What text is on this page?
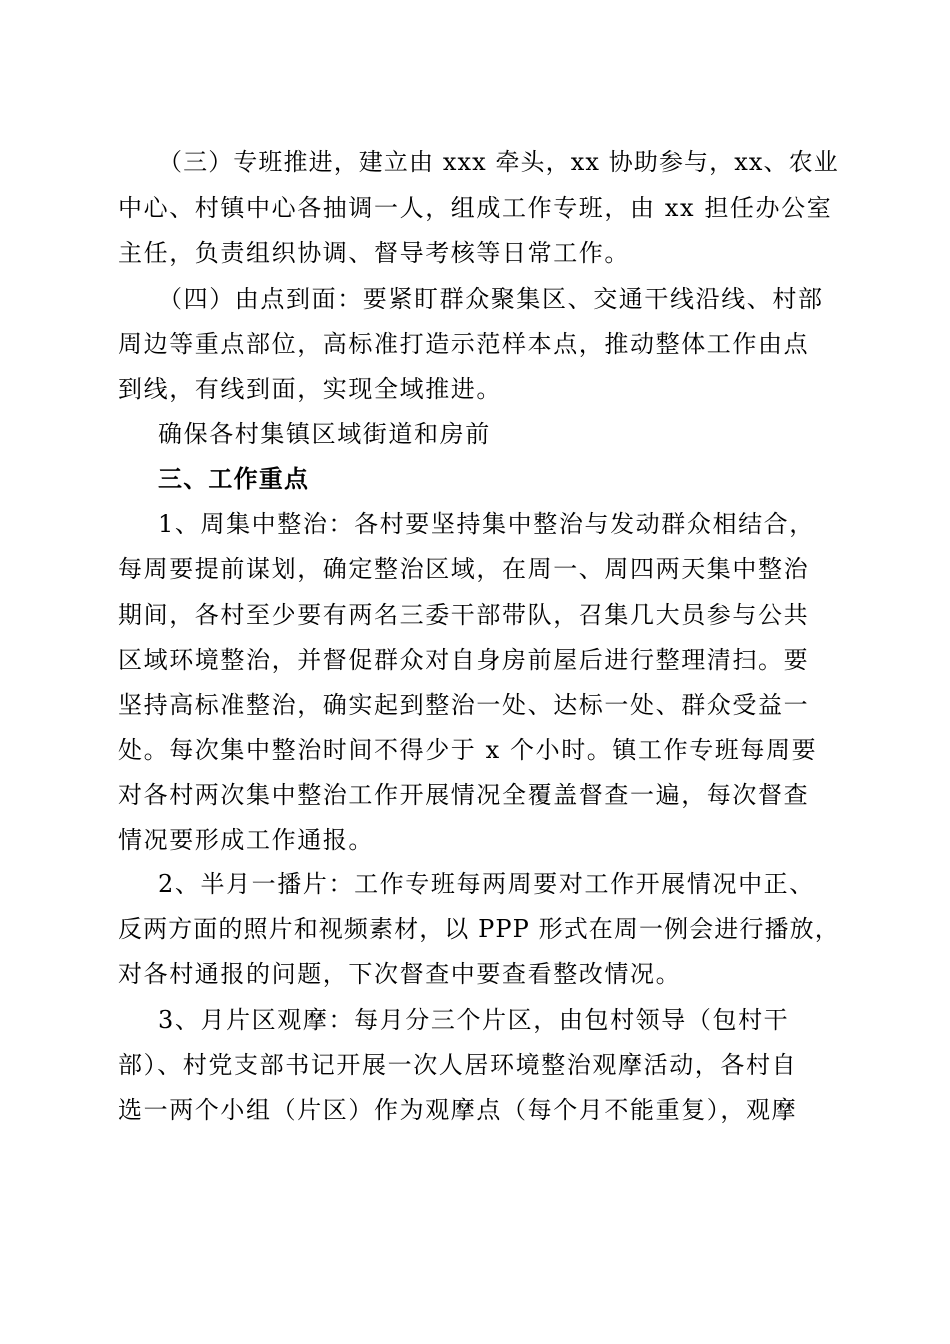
（三）专班推进，建立由 xxx 牵头，xx 协助参与，xx、农业
中心、村镇中心各抽调一人，组成工作专班，由 xx 担任办公室
主任，负责组织协调、督导考核等日常工作。
（四）由点到面：要紧盯群众聚集区、交通干线沿线、村部
周边等重点部位，高标准打造示范样本点，推动整体工作由点
到线，有线到面，实现全域推进。
确保各村集镇区域街道和房前
三、工作重点
1、周集中整治：各村要坚持集中整治与发动群众相结合，
每周要提前谋划，确定整治区域，在周一、周四两天集中整治
期间，各村至少要有两名三委干部带队，召集几大员参与公共
区域环境整治，并督促群众对自身房前屋后进行整理清扫。要
坚持高标准整治，确实起到整治一处、达标一处、群众受益一
处。每次集中整治时间不得少于 x 个小时。镇工作专班每周要
对各村两次集中整治工作开展情况全覆盖督查一遍，每次督查
情况要形成工作通报。
2、半月一播片：工作专班每两周要对工作开展情况中正、
反两方面的照片和视频素材，以 PPP 形式在周一例会进行播放，
对各村通报的问题，下次督查中要查看整改情况。
3、月片区观摩：每月分三个片区，由包村领导（包村干
部）、村党支部书记开展一次人居环境整治观摩活动，各村自
选一两个小组（片区）作为观摩点（每个月不能重复），观摩
